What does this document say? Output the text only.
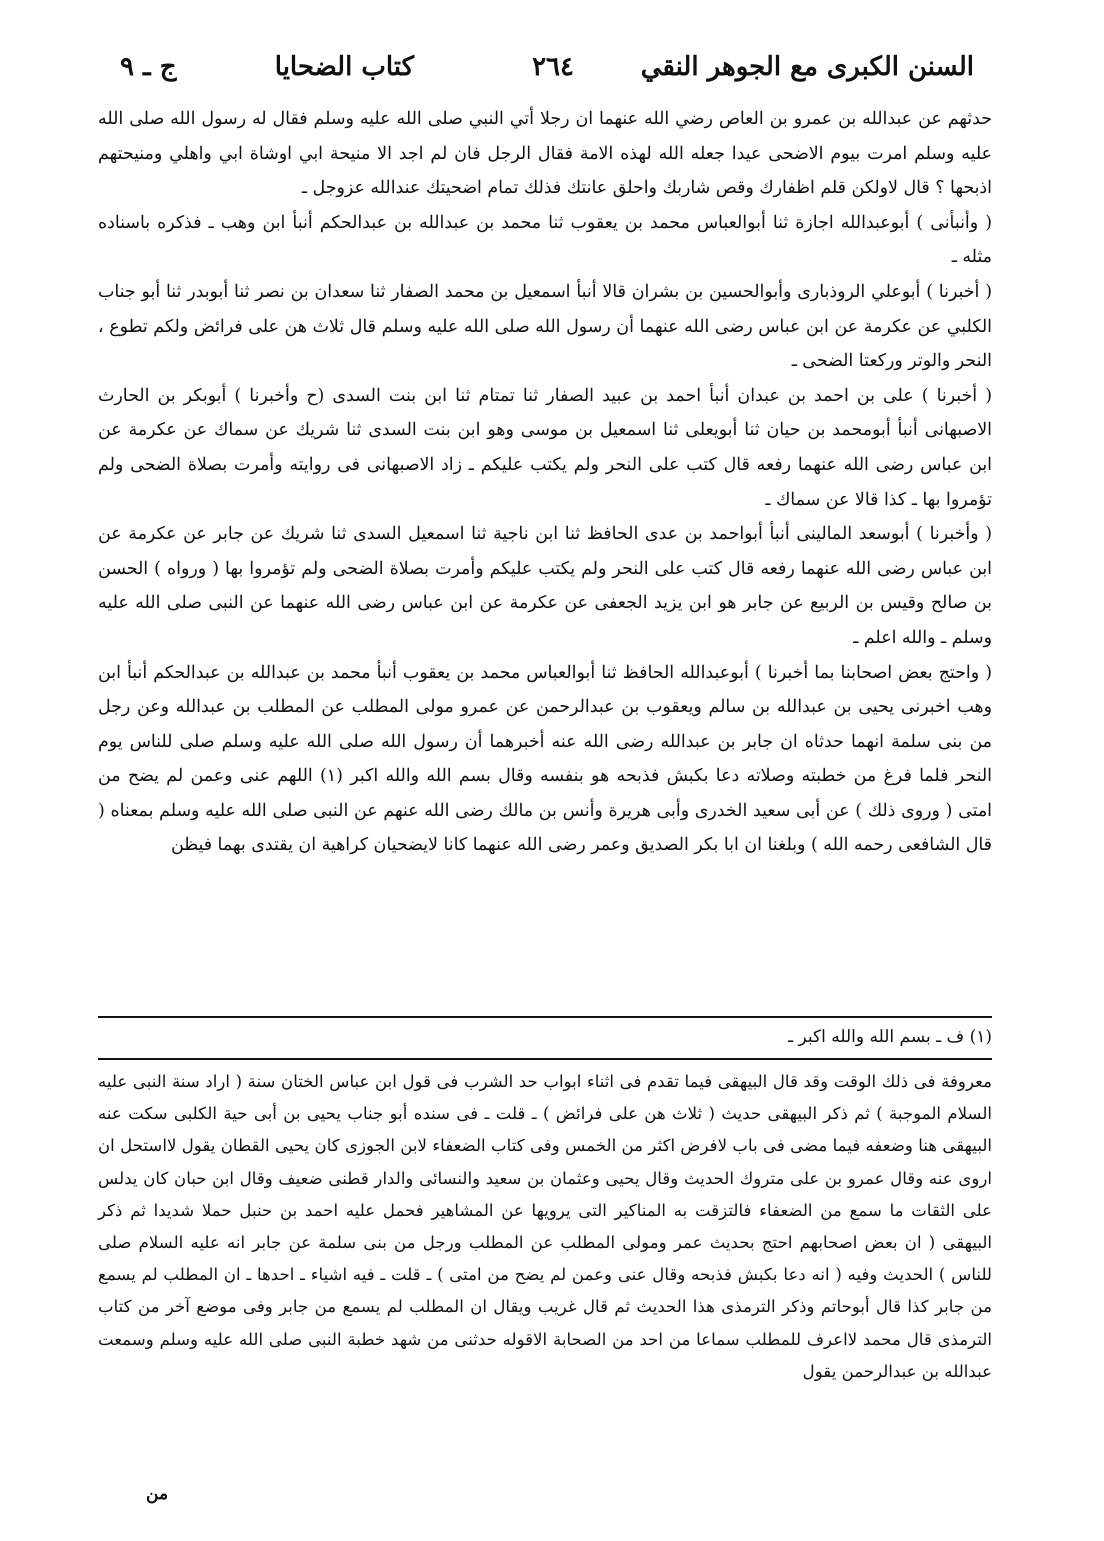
السنن الكبرى مع الجوهر النقي
٢٦٤
كتاب الضحايا
ج ـ ٩

حدثهم عن عبدالله بن عمرو بن العاص رضي الله عنهما ان رجلا أتي النبي صلى الله عليه وسلم فقال له رسول الله صلى الله عليه وسلم امرت بيوم الاضحى عيدا جعله الله لهذه الامة فقال الرجل فان لم اجد الا منيحة ابي اوشاة ابي واهلي ومنيحتهم اذبحها ؟ قال لاولكن قلم اظفارك وقص شاربك واحلق عانتك فذلك تمام اضحيتك عندالله عزوجل ـ

( وأنبأنى ) أبوعبدالله اجازة ثنا أبوالعباس محمد بن يعقوب ثنا محمد بن عبدالله بن عبدالحكم أنبأ ابن وهب ـ فذكره باسناده مثله ـ

( أخبرنا ) أبوعلي الروذبارى وأبوالحسين بن بشران قالا أنبأ اسمعيل بن محمد الصفار ثنا سعدان بن نصر ثنا أبوبدر ثنا أبو جناب الكلبي عن عكرمة عن ابن عباس رضى الله عنهما أن رسول الله صلى الله عليه وسلم قال ثلاث هن على فرائض ولكم تطوع ، النحر والوتر وركعتا الضحى ـ

( أخبرنا ) على بن احمد بن عبدان أنبأ احمد بن عبيد الصفار ثنا تمتام ثنا ابن بنت السدى (ح وأخبرنا ) أبوبكر بن الحارث الاصبهانى أنبأ أبومحمد بن حيان ثنا أبويعلى ثنا اسمعيل بن موسى وهو ابن بنت السدى ثنا شريك عن سماك عن عكرمة عن ابن عباس رضى الله عنهما رفعه قال كتب على النحر ولم يكتب عليكم ـ زاد الاصبهانى فى روايته وأمرت بصلاة الضحى ولم تؤمروا بها ـ كذا قالا عن سماك ـ

( وأخبرنا ) أبوسعد المالينى أنبأ أبواحمد بن عدى الحافظ ثنا ابن ناجية ثنا اسمعيل السدى ثنا شريك عن جابر عن عكرمة عن ابن عباس رضى الله عنهما رفعه قال كتب على النحر ولم يكتب عليكم وأمرت بصلاة الضحى ولم تؤمروا بها ( ورواه ) الحسن بن صالح وقيس بن الربيع عن جابر هو ابن يزيد الجعفى عن عكرمة عن ابن عباس رضى الله عنهما عن النبى صلى الله عليه وسلم ـ والله اعلم ـ

( واحتج بعض اصحابنا بما أخبرنا ) أبوعبدالله الحافظ ثنا أبوالعباس محمد بن يعقوب أنبأ محمد بن عبدالله بن عبدالحكم أنبأ ابن وهب اخبرنى يحيى بن عبدالله بن سالم ويعقوب بن عبدالرحمن عن عمرو مولى المطلب عن المطلب بن عبدالله وعن رجل من بنى سلمة انهما حدثاه ان جابر بن عبدالله رضى الله عنه أخبرهما أن رسول الله صلى الله عليه وسلم صلى للناس يوم النحر فلما فرغ من خطبته وصلاته دعا بكبش فذبحه هو بنفسه وقال بسم الله والله اكبر (١) اللهم عنى وعمن لم يضح من امتى ( وروى ذلك ) عن أبى سعيد الخدرى وأبى هريرة وأنس بن مالك رضى الله عنهم عن النبى صلى الله عليه وسلم بمعناه ( قال الشافعى رحمه الله ) وبلغنا ان ابا بكر الصديق وعمر رضى الله عنهما كانا لايضحيان كراهية ان يقتدى بهما فيظن

(١) ف ـ بسم الله والله اكبر ـ

معروفة فى ذلك الوقت وقد قال البيهقى فيما تقدم فى اثناء ابواب حد الشرب فى قول ابن عباس الختان سنة ( اراد سنة النبى عليه السلام الموجبة ) ثم ذكر البيهقى حديث ( ثلاث هن على فرائض ) ـ قلت ـ فى سنده أبو جناب يحيى بن أبى حية الكلبى سكت عنه البيهقى هنا وضعفه فيما مضى فى باب لافرض اكثر من الخمس وفى كتاب الضعفاء لابن الجوزى كان يحيى القطان يقول لااستحل ان اروى عنه وقال عمرو بن على متروك الحديث وقال يحيى وعثمان بن سعيد والنسائى والدار قطنى ضعيف وقال ابن حبان كان يدلس على الثقات ما سمع من الضعفاء فالتزقت به المناكير التى يرويها عن المشاهير فحمل عليه احمد بن حنبل حملا شديدا ثم ذكر البيهقى ( ان بعض اصحابهم احتج بحديث عمر ومولى المطلب عن المطلب ورجل من بنى سلمة عن جابر انه عليه السلام صلى للناس ) الحديث وفيه ( انه دعا بكبش فذبحه وقال عنى وعمن لم يضح من امتى ) ـ قلت ـ فيه اشياء ـ احدها ـ ان المطلب لم يسمع من جابر كذا قال أبوحاتم وذكر الترمذى هذا الحديث ثم قال غريب ويقال ان المطلب لم يسمع من جابر وفى موضع آخر من كتاب الترمذى قال محمد لااعرف للمطلب سماعا من احد من الصحابة الاقوله حدثنى من شهد خطبة النبى صلى الله عليه وسلم وسمعت عبدالله بن عبدالرحمن يقول

من
